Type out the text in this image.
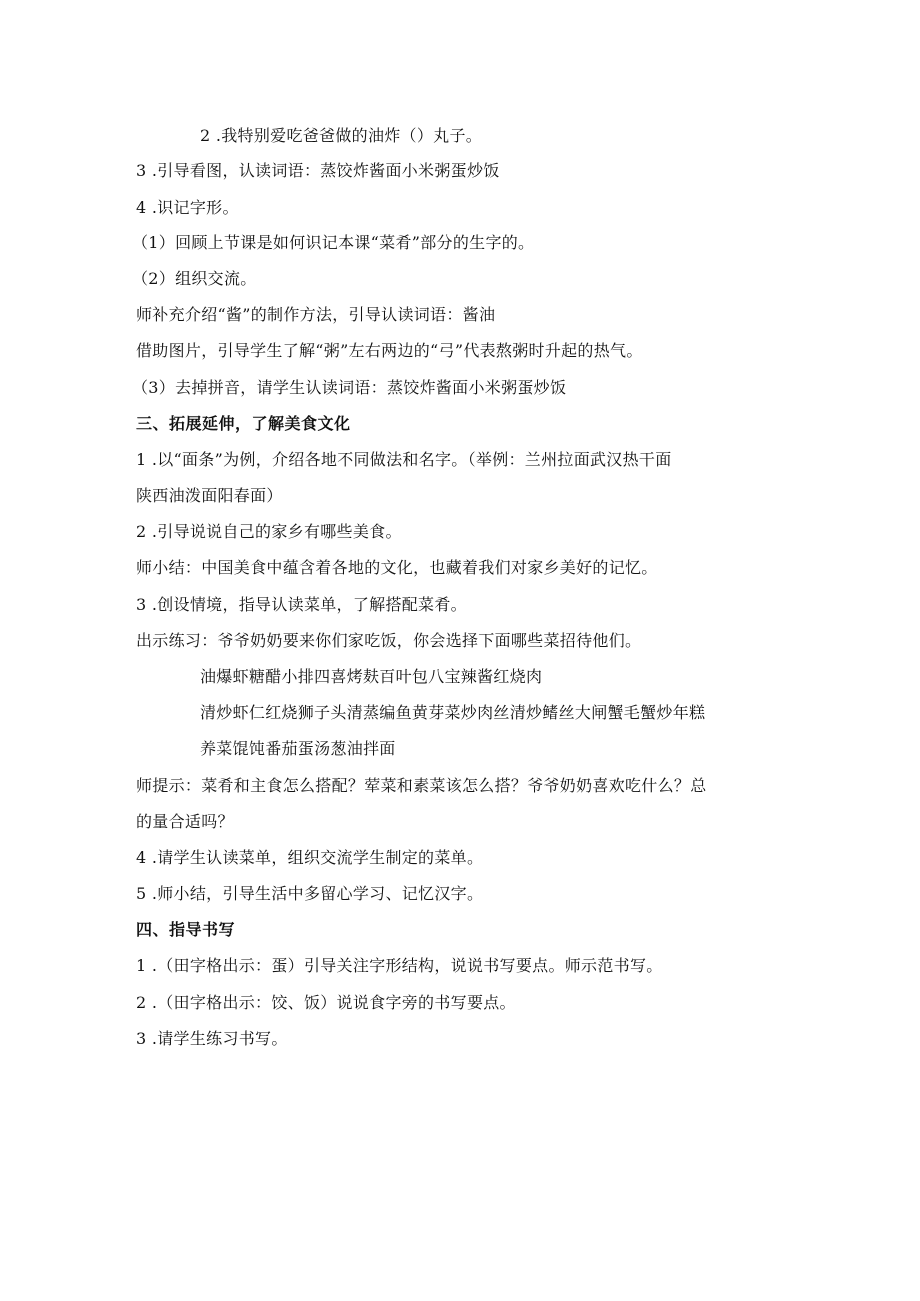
2 .我特别爱吃爸爸做的油炸（）丸子。
3 .引导看图，认读词语：蒸饺炸酱面小米粥蛋炒饭
4 .识记字形。
（1）回顾上节课是如何识记本课“菜肴”部分的生字的。
（2）组织交流。
师补充介绍“酱”的制作方法，引导认读词语：酱油
借助图片，引导学生了解“粥”左右两边的“弓”代表熬粥时升起的热气。
（3）去掉拼音，请学生认读词语：蒸饺炸酱面小米粥蛋炒饭
三、拓展延伸，了解美食文化
1 .以“面条”为例，介绍各地不同做法和名字。（举例：兰州拉面武汉热干面
陕西油泼面阳春面）
2 .引导说说自己的家乡有哪些美食。
师小结：中国美食中蕴含着各地的文化，也藏着我们对家乡美好的记忆。
3 .创设情境，指导认读菜单，了解搭配菜肴。
出示练习：爷爷奶奶要来你们家吃饭，你会选择下面哪些菜招待他们。
油爆虾糖醋小排四喜烤麸百叶包八宝辣酱红烧肉
清炒虾仁红烧狮子头清蒸编鱼黄芽菜炒肉丝清炒鳍丝大闸蟹毛蟹炒年糕
养菜馄饨番茄蛋汤葱油拌面
师提示：菜肴和主食怎么搭配？荤菜和素菜该怎么搭？爷爷奶奶喜欢吃什么？总
的量合适吗？
4 .请学生认读菜单，组织交流学生制定的菜单。
5 .师小结，引导生活中多留心学习、记忆汉字。
四、指导书写
1 .（田字格出示：蛋）引导关注字形结构，说说书写要点。师示范书写。
2 .（田字格出示：饺、饭）说说食字旁的书写要点。
3 .请学生练习书写。
